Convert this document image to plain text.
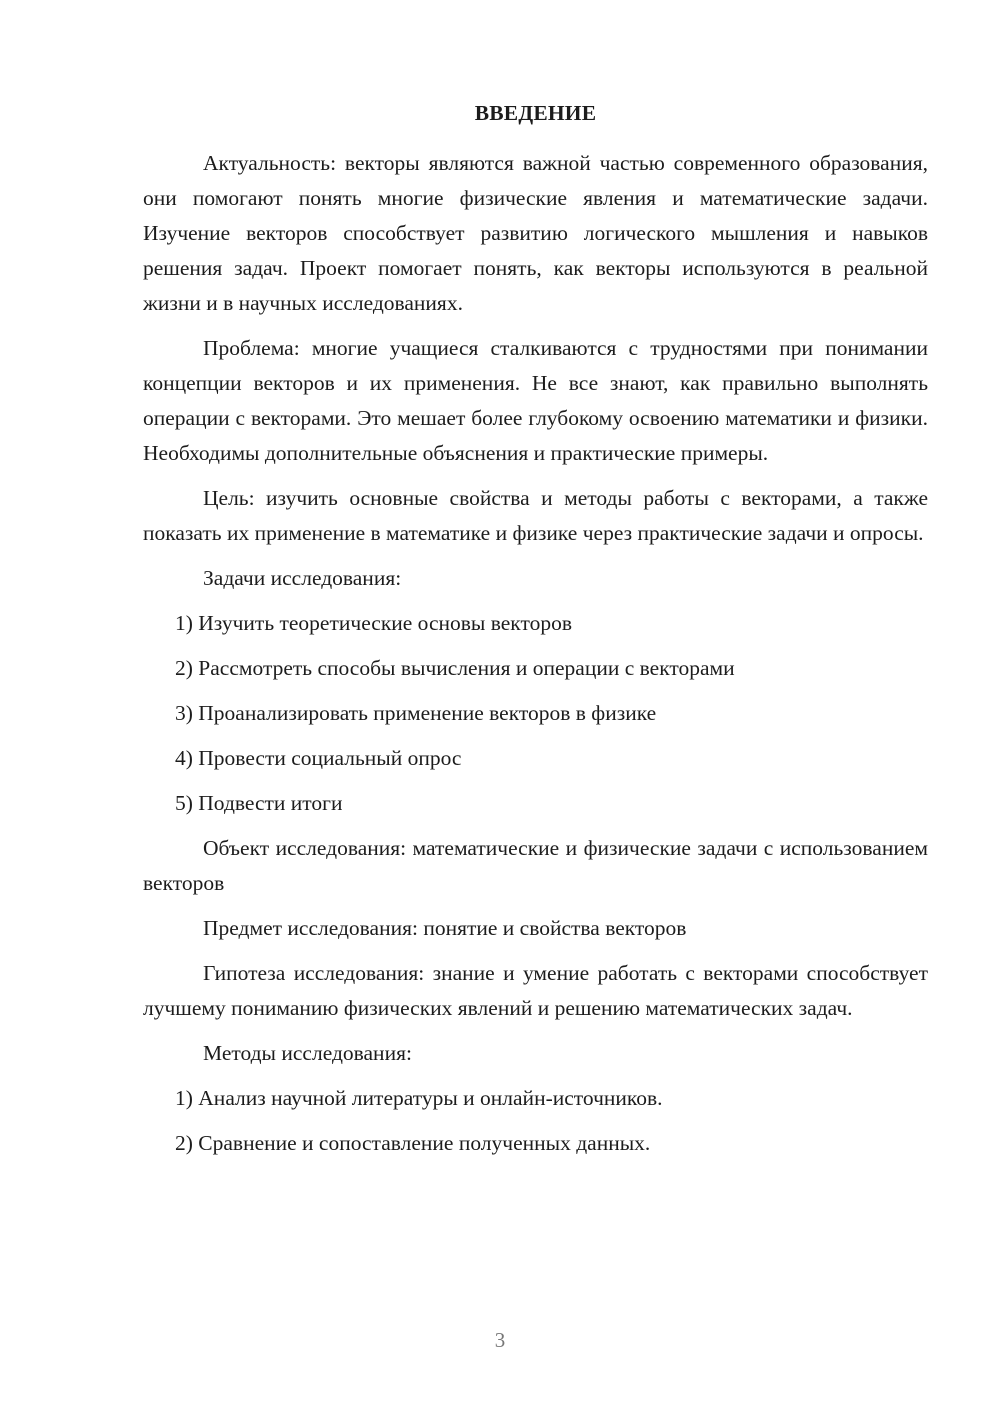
ВВЕДЕНИЕ
Актуальность: векторы являются важной частью современного образования, они помогают понять многие физические явления и математические задачи. Изучение векторов способствует развитию логического мышления и навыков решения задач. Проект помогает понять, как векторы используются в реальной жизни и в научных исследованиях.
Проблема: многие учащиеся сталкиваются с трудностями при понимании концепции векторов и их применения. Не все знают, как правильно выполнять операции с векторами. Это мешает более глубокому освоению математики и физики. Необходимы дополнительные объяснения и практические примеры.
Цель: изучить основные свойства и методы работы с векторами, а также показать их применение в математике и физике через практические задачи и опросы.
Задачи исследования:
1) Изучить теоретические основы векторов
2) Рассмотреть способы вычисления и операции с векторами
3) Проанализировать применение векторов в физике
4) Провести социальный опрос
5) Подвести итоги
Объект исследования: математические и физические задачи с использованием векторов
Предмет исследования: понятие и свойства векторов
Гипотеза исследования: знание и умение работать с векторами способствует лучшему пониманию физических явлений и решению математических задач.
Методы исследования:
1) Анализ научной литературы и онлайн-источников.
2) Сравнение и сопоставление полученных данных.
3
